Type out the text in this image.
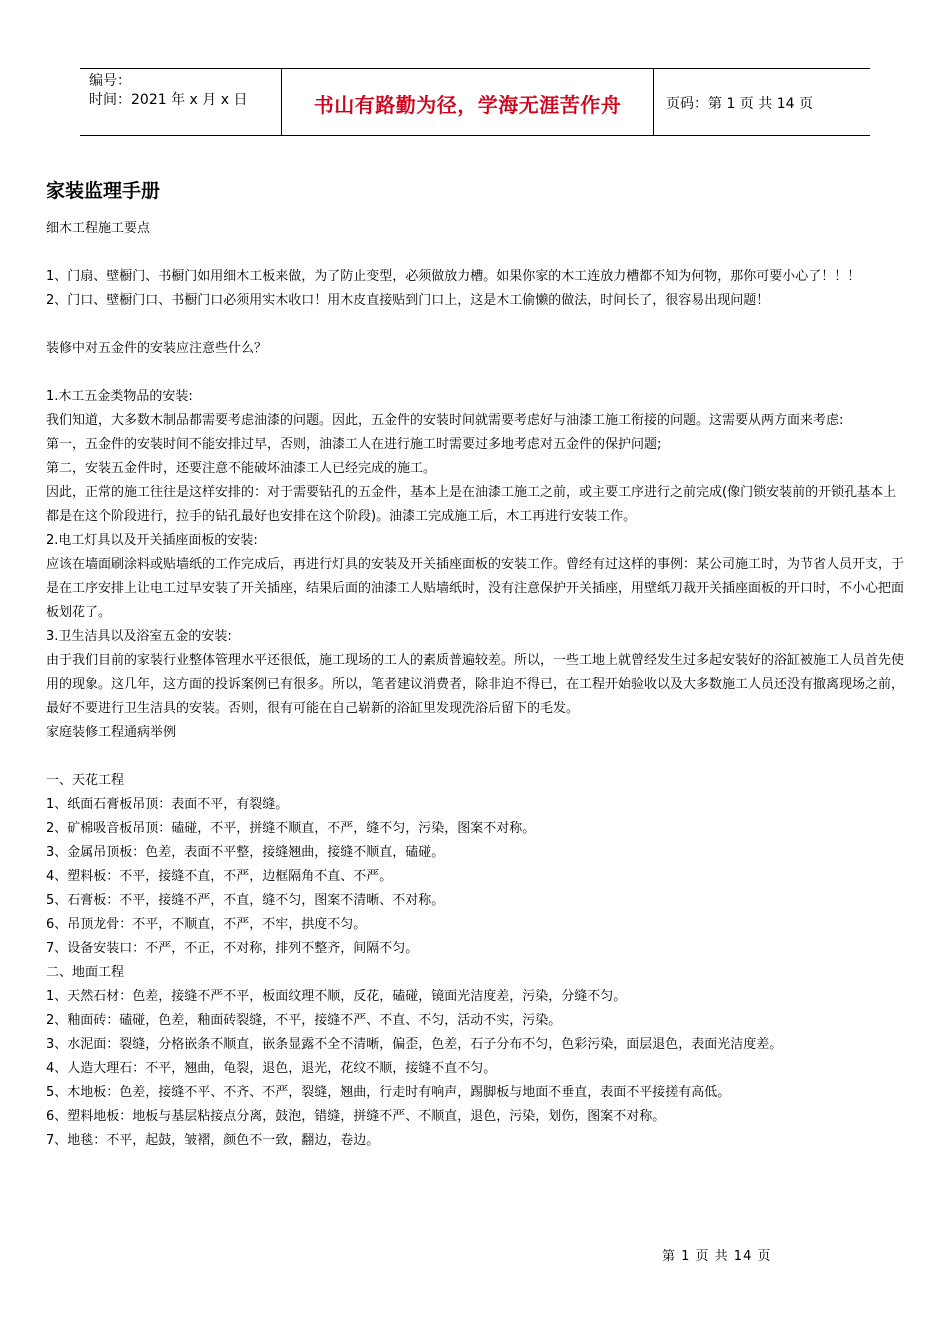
编号：
时间：2021 年 x 月 x 日	书山有路勤为径，学海无涯苦作舟	页码：第 1 页 共 14 页
家装监理手册

细木工程施工要点

1、门扇、壁橱门、书橱门如用细木工板来做，为了防止变型，必须做放力槽。如果你家的木工连放力槽都不知为何物，那你可要小心了！！！

2、门口、壁橱门口、书橱门口必须用实木收口！用木皮直接贴到门口上，这是木工偷懒的做法，时间长了，很容易出现问题！

装修中对五金件的安装应注意些什么？

1.木工五金类物品的安装:

我们知道，大多数木制品都需要考虑油漆的问题。因此，五金件的安装时间就需要考虑好与油漆工施工衔接的问题。这需要从两方面来考虑:

第一，五金件的安装时间不能安排过早，否则，油漆工人在进行施工时需要过多地考虑对五金件的保护问题;

第二，安装五金件时，还要注意不能破坏油漆工人已经完成的施工。

因此，正常的施工往往是这样安排的：对于需要钻孔的五金件，基本上是在油漆工施工之前，或主要工序进行之前完成(像门锁安装前的开锁孔基本上都是在这个阶段进行，拉手的钻孔最好也安排在这个阶段)。油漆工完成施工后，木工再进行安装工作。

2.电工灯具以及开关插座面板的安装:

应该在墙面刷涂料或贴墙纸的工作完成后，再进行灯具的安装及开关插座面板的安装工作。曾经有过这样的事例：某公司施工时，为节省人员开支，于是在工序安排上让电工过早安装了开关插座，结果后面的油漆工人贴墙纸时，没有注意保护开关插座，用壁纸刀裁开关插座面板的开口时，不小心把面板划花了。

3.卫生洁具以及浴室五金的安装:

由于我们目前的家装行业整体管理水平还很低，施工现场的工人的素质普遍较差。所以，一些工地上就曾经发生过多起安装好的浴缸被施工人员首先使用的现象。这几年，这方面的投诉案例已有很多。所以，笔者建议消费者，除非迫不得已，在工程开始验收以及大多数施工人员还没有撤离现场之前，最好不要进行卫生洁具的安装。否则，很有可能在自己崭新的浴缸里发现洗浴后留下的毛发。

家庭装修工程通病举例

一、天花工程

1、纸面石膏板吊顶：表面不平，有裂缝。

2、矿棉吸音板吊顶：磕碰，不平，拼缝不顺直，不严，缝不匀，污染，图案不对称。

3、金属吊顶板：色差，表面不平整，接缝翘曲，接缝不顺直，磕碰。

4、塑料板：不平，接缝不直，不严，边框隔角不直、不严。

5、石膏板：不平，接缝不严，不直，缝不匀，图案不清晰、不对称。

6、吊顶龙骨：不平，不顺直，不严，不牢，拱度不匀。

7、设备安装口：不严，不正，不对称，排列不整齐，间隔不匀。

二、地面工程

1、天然石材：色差，接缝不严不平，板面纹理不顺，反花，磕碰，镜面光洁度差，污染，分缝不匀。

2、釉面砖：磕碰，色差，釉面砖裂缝，不平，接缝不严、不直、不匀，活动不实，污染。

3、水泥面：裂缝，分格嵌条不顺直，嵌条显露不全不清晰，偏歪，色差，石子分布不匀，色彩污染，面层退色，表面光洁度差。

4、人造大理石：不平，翘曲，龟裂，退色，退光，花纹不顺，接缝不直不匀。

5、木地板：色差，接缝不平、不齐、不严，裂缝，翘曲，行走时有响声，踢脚板与地面不垂直，表面不平接搓有高低。

6、塑料地板：地板与基层粘接点分离，鼓泡，错缝，拼缝不严、不顺直，退色，污染，划伤，图案不对称。

7、地毯：不平，起鼓，皱褶，颜色不一致，翻边，卷边。

第 1 页 共 14 页
